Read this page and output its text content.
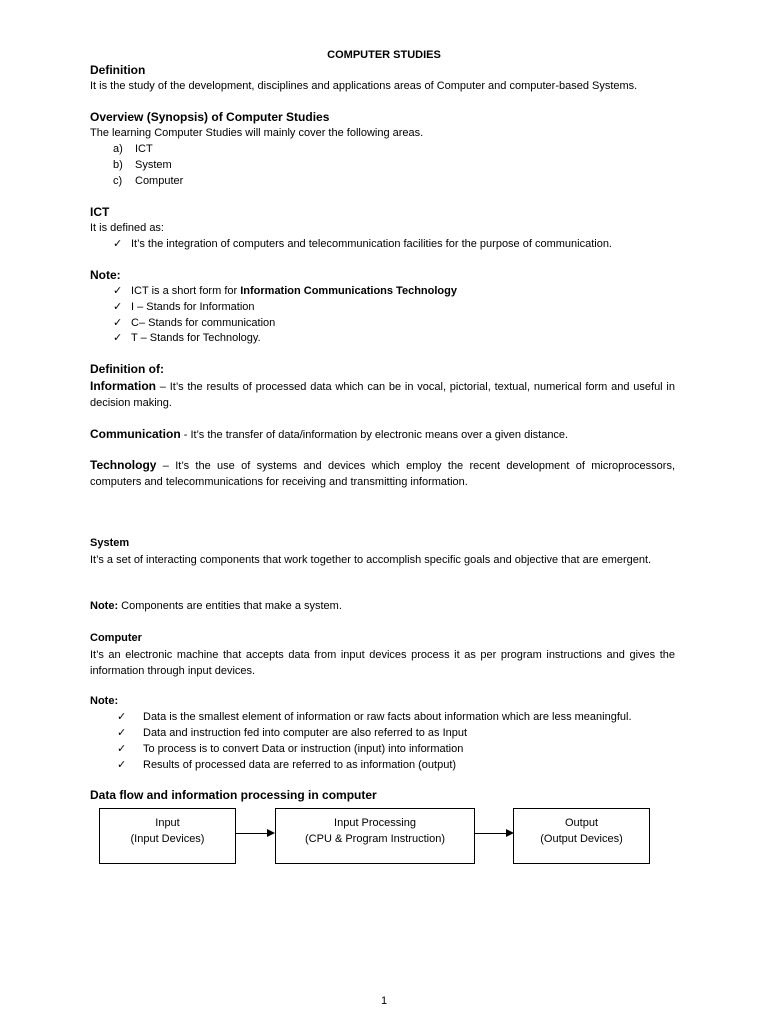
COMPUTER STUDIES
Definition
It is the study of the development, disciplines and applications areas of Computer and computer-based Systems.
Overview (Synopsis) of Computer Studies
The learning Computer Studies will mainly cover the following areas.
a) ICT
b) System
c) Computer
ICT
It is defined as:
✓ It’s the integration of computers and telecommunication facilities for the purpose of communication.
Note:
✓ ICT is a short form for Information Communications Technology
✓ I – Stands for Information
✓ C– Stands for communication
✓ T – Stands for Technology.
Definition of:
Information – It’s the results of processed data which can be in vocal, pictorial, textual, numerical form and useful in decision making.
Communication - It’s the transfer of data/information by electronic means over a given distance.
Technology – It’s the use of systems and devices which employ the recent development of microprocessors, computers and telecommunications for receiving and transmitting information.
System
It’s a set of interacting components that work together to accomplish specific goals and objective that are emergent.
Note: Components are entities that make a system.
Computer
It’s an electronic machine that accepts data from input devices process it as per program instructions and gives the information through input devices.
Note:
✓ Data is the smallest element of information or raw facts about information which are less meaningful.
✓ Data and instruction fed into computer are also referred to as Input
✓ To process is to convert Data or instruction (input) into information
✓ Results of processed data are referred to as information (output)
Data flow and information processing in computer
Input
(Input Devices)
Input Processing
(CPU & Program Instruction)
Output
(Output Devices)
1
